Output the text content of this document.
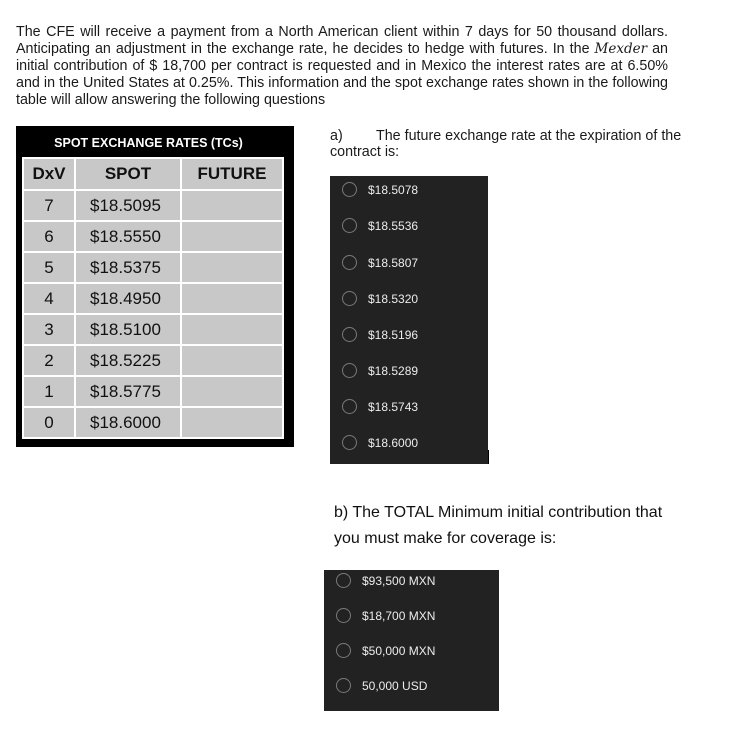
The CFE will receive a payment from a North American client within 7 days for 50 thousand dollars. Anticipating an adjustment in the exchange rate, he decides to hedge with futures. In the Mexder an initial contribution of $ 18,700 per contract is requested and in Mexico the interest rates are at 6.50% and in the United States at 0.25%. This information and the spot exchange rates shown in the following table will allow answering the following questions
SPOT EXCHANGE RATES (TCs)
DxV	SPOT	FUTURE
7	$18.5095	
6	$18.5550	
5	$18.5375	
4	$18.4950	
3	$18.5100	
2	$18.5225	
1	$18.5775	
0	$18.6000	
a) The future exchange rate at the expiration of the contract is:
$18.5078
$18.5536
$18.5807
$18.5320
$18.5196
$18.5289
$18.5743
$18.6000
b) The TOTAL Minimum initial contribution that you must make for coverage is:
$93,500 MXN
$18,700 MXN
$50,000 MXN
50,000 USD
